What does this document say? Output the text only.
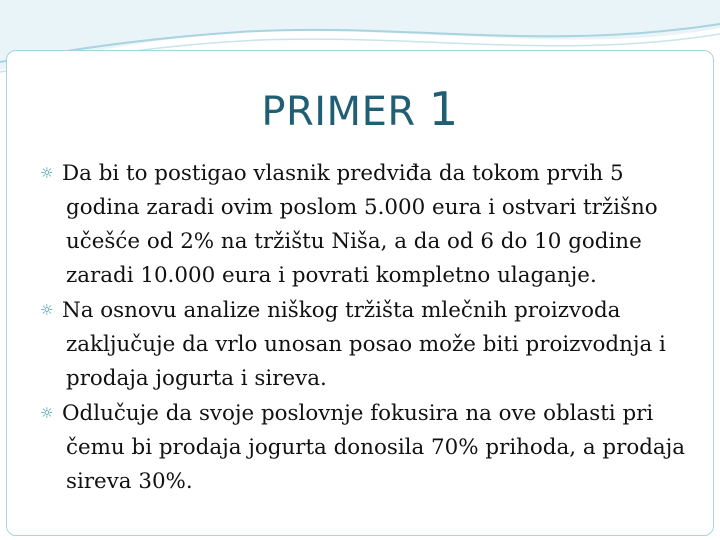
PRIMER 1

☼ Da bi to postigao vlasnik predviđa da tokom prvih 5 godina zaradi ovim poslom 5.000 eura i ostvari tržišno učešće od 2% na tržištu Niša, a da od 6 do 10 godine zaradi 10.000 eura i povrati kompletno ulaganje.

☼ Na osnovu analize niškog tržišta mlečnih proizvoda zaključuje da vrlo unosan posao može biti proizvodnja i prodaja jogurta i sireva.

☼ Odlučuje da svoje poslovnje fokusira na ove oblasti pri čemu bi prodaja jogurta donosila 70% prihoda, a prodaja sireva 30%.
